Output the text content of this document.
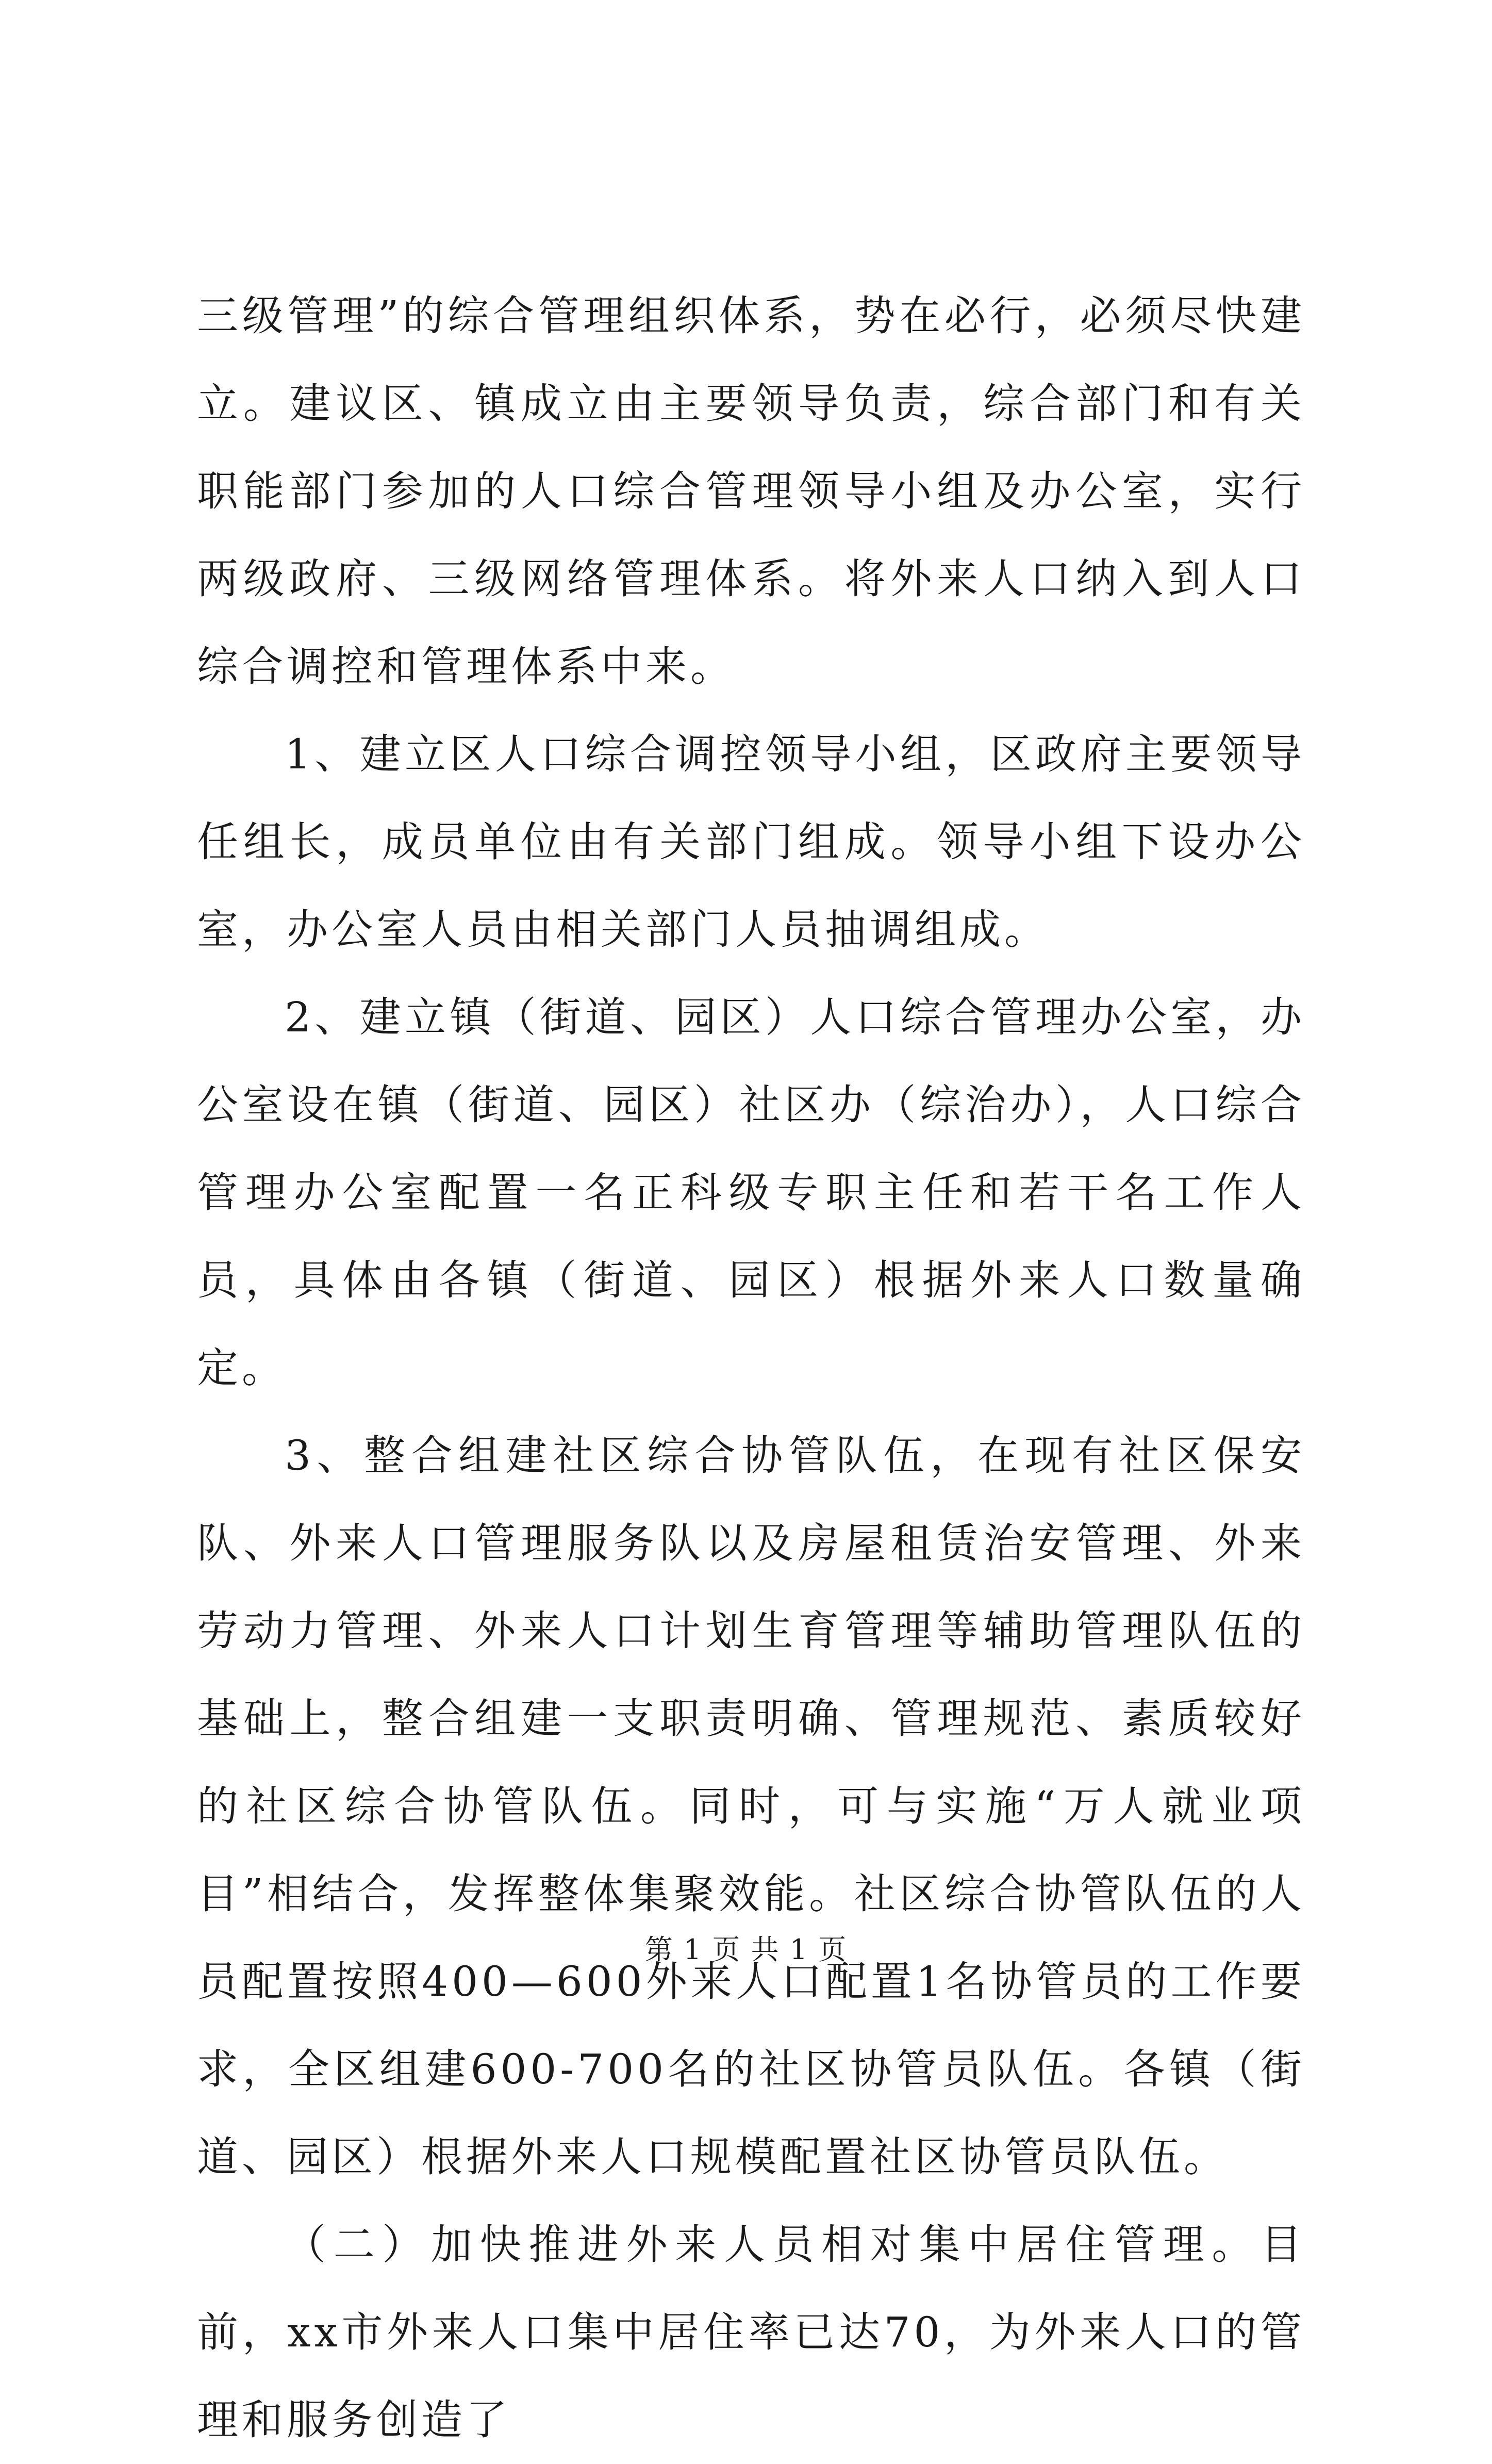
三级管理”的综合管理组织体系，势在必行，必须尽快建立。建议区、镇成立由主要领导负责，综合部门和有关职能部门参加的人口综合管理领导小组及办公室，实行两级政府、三级网络管理体系。将外来人口纳入到人口综合调控和管理体系中来。

1、建立区人口综合调控领导小组，区政府主要领导任组长，成员单位由有关部门组成。领导小组下设办公室，办公室人员由相关部门人员抽调组成。

2、建立镇（街道、园区）人口综合管理办公室，办公室设在镇（街道、园区）社区办（综治办），人口综合管理办公室配置一名正科级专职主任和若干名工作人员，具体由各镇（街道、园区）根据外来人口数量确定。

3、整合组建社区综合协管队伍，在现有社区保安队、外来人口管理服务队以及房屋租赁治安管理、外来劳动力管理、外来人口计划生育管理等辅助管理队伍的基础上，整合组建一支职责明确、管理规范、素质较好的社区综合协管队伍。同时，可与实施“万人就业项目”相结合，发挥整体集聚效能。社区综合协管队伍的人员配置按照400—600外来人口配置1名协管员的工作要求，全区组建600-700名的社区协管员队伍。各镇（街道、园区）根据外来人口规模配置社区协管员队伍。

（二）加快推进外来人员相对集中居住管理。目前，xx市外来人口集中居住率已达70，为外来人口的管理和服务创造了

第 1 页 共 1 页
